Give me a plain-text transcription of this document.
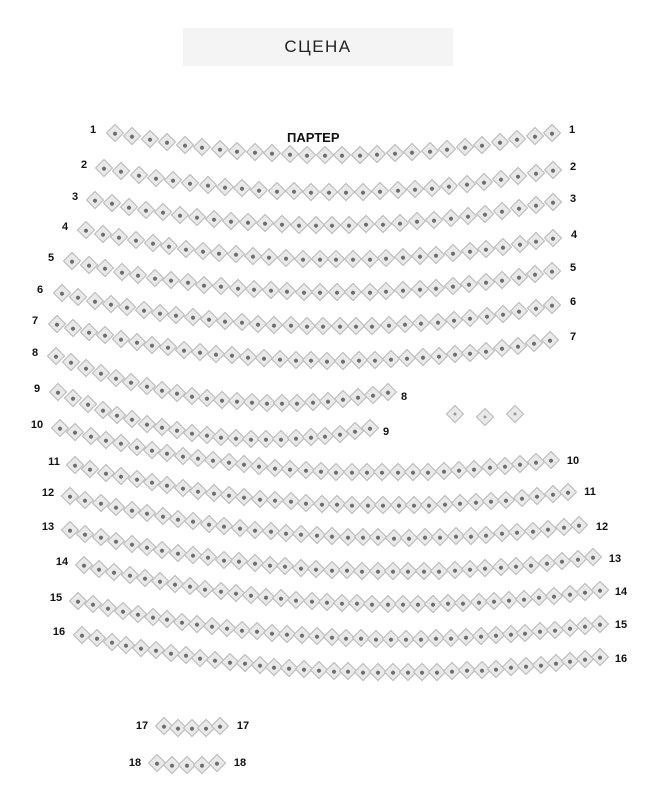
СЦЕНА
ПАРТЕР
1	1
2	2
3	3
4
4
5
5
6
6
7
7
8
8
9
9
10
10
11
11
12
12
13
13
14
14
15
15
16
16
17	17
18	18
